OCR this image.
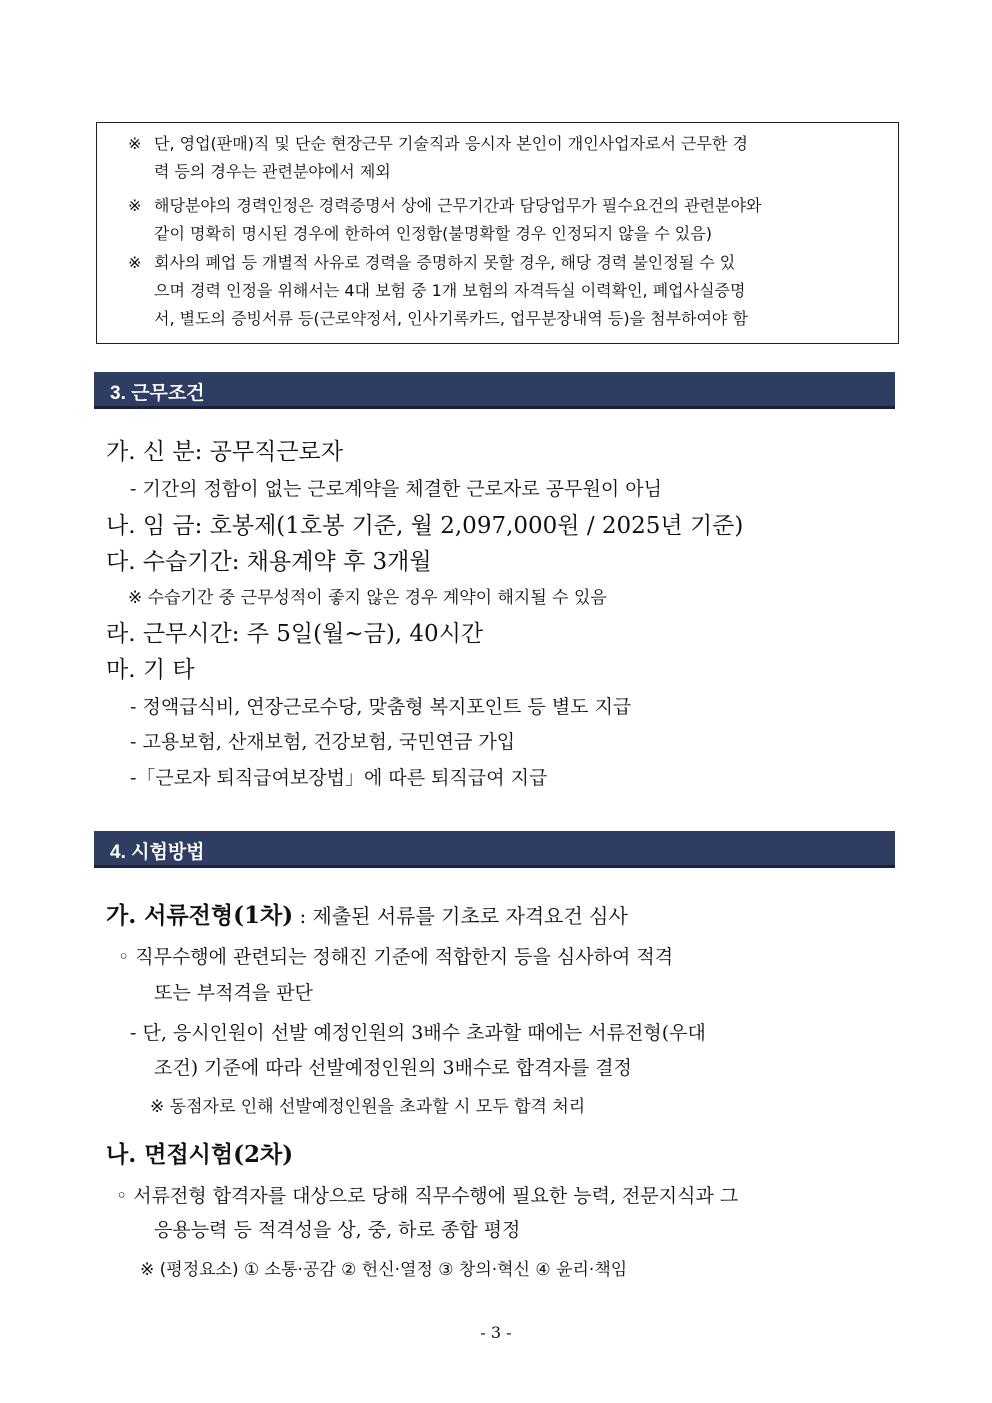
※ 단, 영업(판매)직 및 단순 현장근무 기술직과 응시자 본인이 개인사업자로서 근무한 경
력 등의 경우는 관련분야에서 제외
※ 해당분야의 경력인정은 경력증명서 상에 근무기간과 담당업무가 필수요건의 관련분야와
같이 명확히 명시된 경우에 한하여 인정함(불명확할 경우 인정되지 않을 수 있음)
※ 회사의 폐업 등 개별적 사유로 경력을 증명하지 못할 경우, 해당 경력 불인정될 수 있
으며 경력 인정을 위해서는 4대 보험 중 1개 보험의 자격득실 이력확인, 폐업사실증명
서, 별도의 증빙서류 등(근로약정서, 인사기록카드, 업무분장내역 등)을 첨부하여야 함
3. 근무조건
가. 신 분: 공무직근로자
- 기간의 정함이 없는 근로계약을 체결한 근로자로 공무원이 아님
나. 임 금: 호봉제(1호봉 기준, 월 2,097,000원 / 2025년 기준)
다. 수습기간: 채용계약 후 3개월
※ 수습기간 중 근무성적이 좋지 않은 경우 계약이 해지될 수 있음
라. 근무시간: 주 5일(월~금), 40시간
마. 기 타
- 정액급식비, 연장근로수당, 맞춤형 복지포인트 등 별도 지급
- 고용보험, 산재보험, 건강보험, 국민연금 가입
-「근로자 퇴직급여보장법」에 따른 퇴직급여 지급
4. 시험방법
가. 서류전형(1차) : 제출된 서류를 기초로 자격요건 심사
◦ 직무수행에 관련되는 정해진 기준에 적합한지 등을 심사하여 적격
또는 부적격을 판단
- 단, 응시인원이 선발 예정인원의 3배수 초과할 때에는 서류전형(우대
조건) 기준에 따라 선발예정인원의 3배수로 합격자를 결정
※ 동점자로 인해 선발예정인원을 초과할 시 모두 합격 처리
나. 면접시험(2차)
◦ 서류전형 합격자를 대상으로 당해 직무수행에 필요한 능력, 전문지식과 그
응용능력 등 적격성을 상, 중, 하로 종합 평정
※ (평정요소) ① 소통·공감 ② 헌신·열정 ③ 창의·혁신 ④ 윤리·책임
- 3 -
